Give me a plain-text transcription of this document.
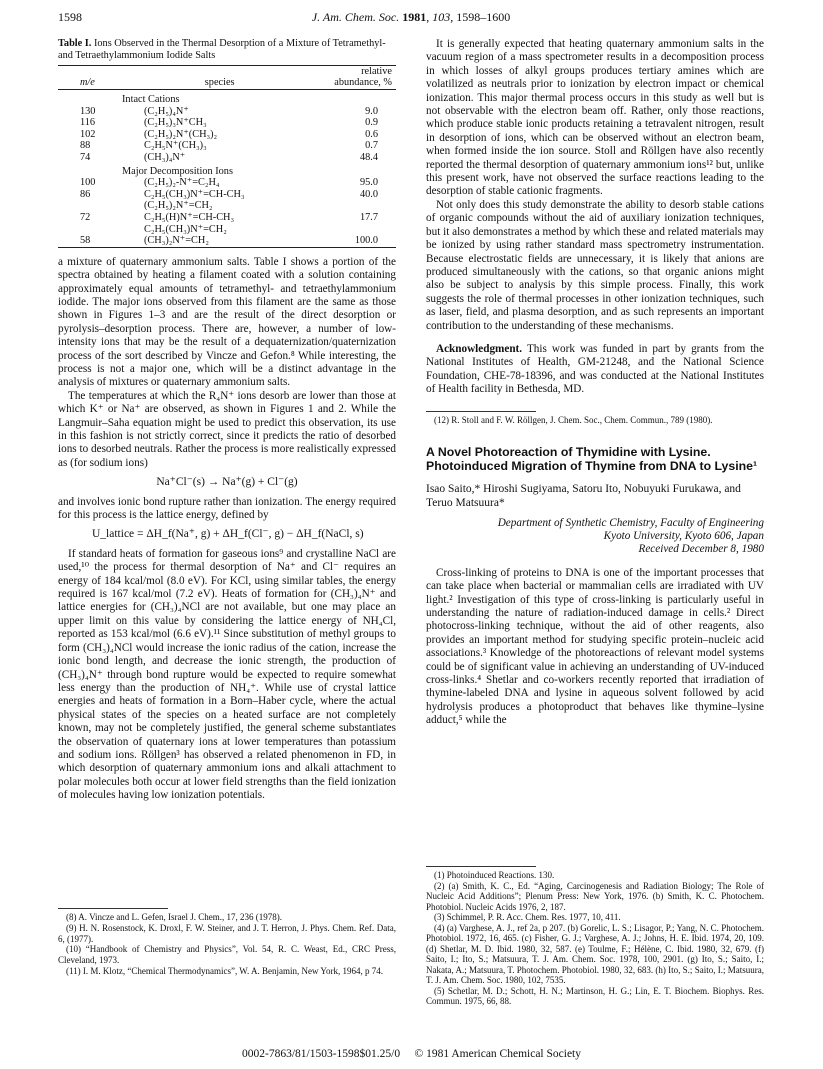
1598	J. Am. Chem. Soc. 1981, 103, 1598–1600
Table I. Ions Observed in the Thermal Desorption of a Mixture of Tetramethyl- and Tetraethylammonium Iodide Salts

		relative
m/e	species	abundance, %

Intact Cations		
130	(C₂H₅)₄N⁺	9.0
116	(C₂H₅)₃N⁺CH₃	0.9
102	(C₂H₅)₂N⁺(CH₃)₂	0.6
88	C₂H₅N⁺(CH₃)₃	0.7
74	(CH₃)₄N⁺	48.4
Major Decomposition Ions		
100	(C₂H₅)₂-N⁺=C₂H₄	95.0
86	C₂H₅(CH₃)N⁺=CH-CH₃	40.0
	(C₂H₅)₂N⁺=CH₂	
72	C₂H₅(H)N⁺=CH-CH₃	17.7
	C₂H₅(CH₃)N⁺=CH₂	
58	(CH₃)₂N⁺=CH₂	100.0

a mixture of quaternary ammonium salts. Table I shows a portion of the spectra obtained by heating a filament coated with a solution containing approximately equal amounts of tetramethyl- and tetraethylammonium iodide. The major ions observed from this filament are the same as those shown in Figures 1–3 and are the result of the direct desorption or pyrolysis–desorption process. There are, however, a number of low-intensity ions that may be the result of a dequaternization/quaternization process of the sort described by Vincze and Gefon.⁸ While interesting, the process is not a major one, which will be a distinct advantage in the analysis of mixtures or quaternary ammonium salts.

The temperatures at which the R₄N⁺ ions desorb are lower than those at which K⁺ or Na⁺ are observed, as shown in Figures 1 and 2. While the Langmuir–Saha equation might be used to predict this observation, its use in this fashion is not strictly correct, since it predicts the ratio of desorbed ions to desorbed neutrals. Rather the process is more realistically expressed as (for sodium ions)

Na⁺Cl⁻(s) → Na⁺(g) + Cl⁻(g)

and involves ionic bond rupture rather than ionization. The energy required for this process is the lattice energy, defined by

U_lattice = ΔH_f(Na⁺, g) + ΔH_f(Cl⁻, g) − ΔH_f(NaCl, s)

If standard heats of formation for gaseous ions⁹ and crystalline NaCl are used,¹⁰ the process for thermal desorption of Na⁺ and Cl⁻ requires an energy of 184 kcal/mol (8.0 eV). For KCl, using similar tables, the energy required is 167 kcal/mol (7.2 eV). Heats of formation for (CH₃)₄N⁺ and lattice energies for (CH₃)₄NCl are not available, but one may place an upper limit on this value by considering the lattice energy of NH₄Cl, reported as 153 kcal/mol (6.6 eV).¹¹ Since substitution of methyl groups to form (CH₃)₄NCl would increase the ionic radius of the cation, increase the ionic bond length, and decrease the ionic strength, the production of (CH₃)₄N⁺ through bond rupture would be expected to require somewhat less energy than the production of NH₄⁺. While use of crystal lattice energies and heats of formation in a Born–Haber cycle, where the actual physical states of the species on a heated surface are not completely known, may not be completely justified, the general scheme substantiates the observation of quaternary ions at lower temperatures than potassium and sodium ions. Röllgen³ has observed a related phenomenon in FD, in which desorption of quaternary ammonium ions and alkali attachment to polar molecules both occur at lower field strengths than the field ionization of molecules having low ionization potentials.

(8) A. Vincze and L. Gefen, Israel J. Chem., 17, 236 (1978).
(9) H. N. Rosenstock, K. Droxl, F. W. Steiner, and J. T. Herron, J. Phys. Chem. Ref. Data, 6, (1977).
(10) “Handbook of Chemistry and Physics”, Vol. 54, R. C. Weast, Ed., CRC Press, Cleveland, 1973.
(11) I. M. Klotz, “Chemical Thermodynamics”, W. A. Benjamin, New York, 1964, p 74.

It is generally expected that heating quaternary ammonium salts in the vacuum region of a mass spectrometer results in a decomposition process in which losses of alkyl groups produces tertiary amines which are volatilized as neutrals prior to ionization by electron impact or chemical ionization. This major thermal process occurs in this study as well but is not observable with the electron beam off. Rather, only those reactions, which produce stable ionic products retaining a tetravalent nitrogen, result in desorption of ions, which can be observed without an electron beam, when formed inside the ion source. Stoll and Röllgen have also recently reported the thermal desorption of quaternary ammonium ions¹² but, unlike this present work, have not observed the surface reactions leading to the desorption of stable cationic fragments.

Not only does this study demonstrate the ability to desorb stable cations of organic compounds without the aid of auxiliary ionization techniques, but it also demonstrates a method by which these and related materials may be ionized by using rather standard mass spectrometry instrumentation. Because electrostatic fields are unnecessary, it is likely that anions are produced simultaneously with the cations, so that organic anions might also be subject to analysis by this simple process. Finally, this work suggests the role of thermal processes in other ionization techniques, such as laser, field, and plasma desorption, and as such represents an important contribution to the understanding of these mechanisms.

Acknowledgment. This work was funded in part by grants from the National Institutes of Health, GM-21248, and the National Science Foundation, CHE-78-18396, and was conducted at the National Institutes of Health facility in Bethesda, MD.

(12) R. Stoll and F. W. Röllgen, J. Chem. Soc., Chem. Commun., 789 (1980).
A Novel Photoreaction of Thymidine with Lysine. Photoinduced Migration of Thymine from DNA to Lysine¹
Isao Saito,* Hiroshi Sugiyama, Satoru Ito, Nobuyuki Furukawa, and Teruo Matsuura*
Department of Synthetic Chemistry, Faculty of Engineering
Kyoto University, Kyoto 606, Japan
Received December 8, 1980

Cross-linking of proteins to DNA is one of the important processes that can take place when bacterial or mammalian cells are irradiated with UV light.² Investigation of this type of cross-linking is particularly useful in understanding the nature of radiation-induced damage in cells.² Direct photocross-linking technique, without the aid of other reagents, also provides an important method for studying specific protein–nucleic acid associations.³ Knowledge of the photoreactions of relevant model systems could be of significant value in achieving an understanding of UV-induced cross-links.⁴ Shetlar and co-workers recently reported that irradiation of thymine-labeled DNA and lysine in aqueous solvent followed by acid hydrolysis produces a photoproduct that behaves like thymine–lysine adduct,⁵ while the

(1) Photoinduced Reactions. 130.
(2) (a) Smith, K. C., Ed. “Aging, Carcinogenesis and Radiation Biology; The Role of Nucleic Acid Additions”; Plenum Press: New York, 1976. (b) Smith, K. C. Photochem. Photobiol. Nucleic Acids 1976, 2, 187.
(3) Schimmel, P. R. Acc. Chem. Res. 1977, 10, 411.
(4) (a) Varghese, A. J., ref 2a, p 207. (b) Gorelic, L. S.; Lisagor, P.; Yang, N. C. Photochem. Photobiol. 1972, 16, 465. (c) Fisher, G. J.; Varghese, A. J.; Johns, H. E. Ibid. 1974, 20, 109. (d) Shetlar, M. D. Ibid. 1980, 32, 587. (e) Toulme, F.; Hélène, C. Ibid. 1980, 32, 679. (f) Saito, I.; Ito, S.; Matsuura, T. J. Am. Chem. Soc. 1978, 100, 2901. (g) Ito, S.; Saito, I.; Nakata, A.; Matsuura, T. Photochem. Photobiol. 1980, 32, 683. (h) Ito, S.; Saito, I.; Matsuura, T. J. Am. Chem. Soc. 1980, 102, 7535.
(5) Schetlar, M. D.; Schott, H. N.; Martinson, H. G.; Lin, E. T. Biochem. Biophys. Res. Commun. 1975, 66, 88.
0002-7863/81/1503-1598$01.25/0 © 1981 American Chemical Society
